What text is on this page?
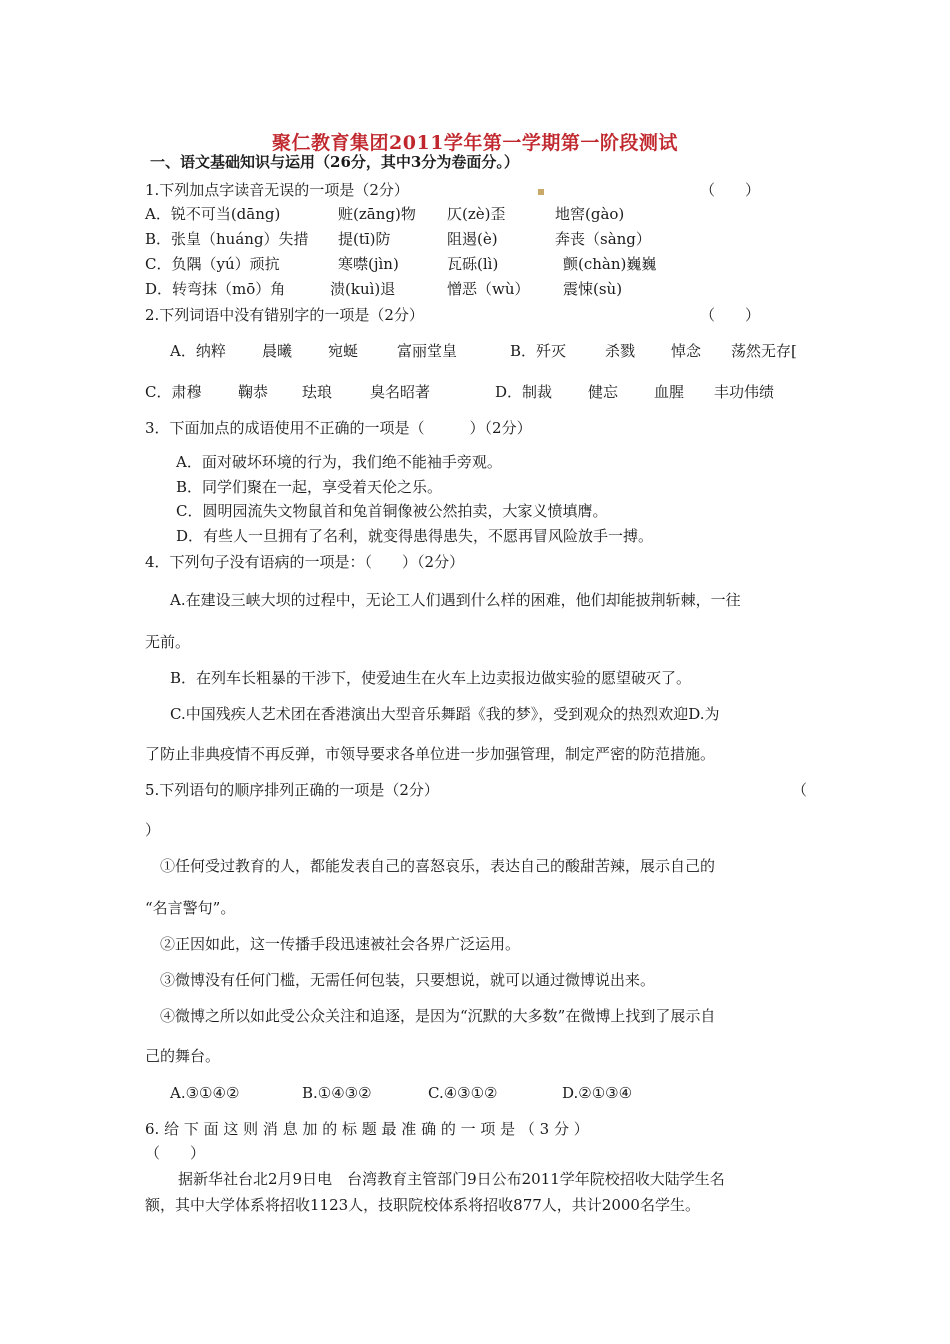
聚仁教育集团2011学年第一学期第一阶段测试
一、语文基础知识与运用（26分，其中3分为卷面分。）
1.下列加点字读音无误的一项是（2分）	（　　）
A．锐不可当(dāng)	赃(zāng)物 仄(zè)歪	地窖(gào)
B．张皇（huáng）失措 提(tī)防	阻遏(è)	奔丧（sàng）
C．负隅（yú）顽抗	寒噤(jìn)	瓦砾(lì)	颤(chàn)巍巍
D．转弯抹（mō）角	溃(kuì)退	憎恶（wù） 震悚(sù)
2.下列词语中没有错别字的一项是（2分）	（　　）
A．纳粹 晨曦 宛蜒	富丽堂皇	B．歼灭	杀戮 悼念 荡然无存[
C．肃穆 鞠恭 珐琅	臭名昭著	D．制裁 健忘 血腥 丰功伟绩
3．下面加点的成语使用不正确的一项是（　　　）（2分）
A．面对破坏环境的行为，我们绝不能袖手旁观。
B．同学们聚在一起，享受着天伦之乐。
C．圆明园流失文物鼠首和兔首铜像被公然拍卖，大家义愤填膺。
D．有些人一旦拥有了名利，就变得患得患失，不愿再冒风险放手一搏。
4．下列句子没有语病的一项是：（　　）（2分）
A.在建设三峡大坝的过程中，无论工人们遇到什么样的困难，他们却能披荆斩棘，一往
无前。
B．在列车长粗暴的干涉下，使爱迪生在火车上边卖报边做实验的愿望破灭了。
C.中国残疾人艺术团在香港演出大型音乐舞蹈《我的梦》，受到观众的热烈欢迎D.为
了防止非典疫情不再反弹，市领导要求各单位进一步加强管理，制定严密的防范措施。
5.下列语句的顺序排列正确的一项是（2分）	（
）
①任何受过教育的人，都能发表自己的喜怒哀乐，表达自己的酸甜苦辣，展示自己的
“名言警句”。
②正因如此，这一传播手段迅速被社会各界广泛运用。
③微博没有任何门槛，无需任何包装，只要想说，就可以通过微博说出来。
④微博之所以如此受公众关注和追逐，是因为“沉默的大多数”在微博上找到了展示自
己的舞台。
A.③①④②	B.①④③②	C.④③①②	D.②①③④
6. 给 下 面 这 则 消 息 加 的 标 题 最 准 确 的 一 项 是 （ 3 分 ）
（　　）
据新华社台北2月9日电　台湾教育主管部门9日公布2011学年院校招收大陆学生名
额，其中大学体系将招收1123人，技职院校体系将招收877人，共计2000名学生。
